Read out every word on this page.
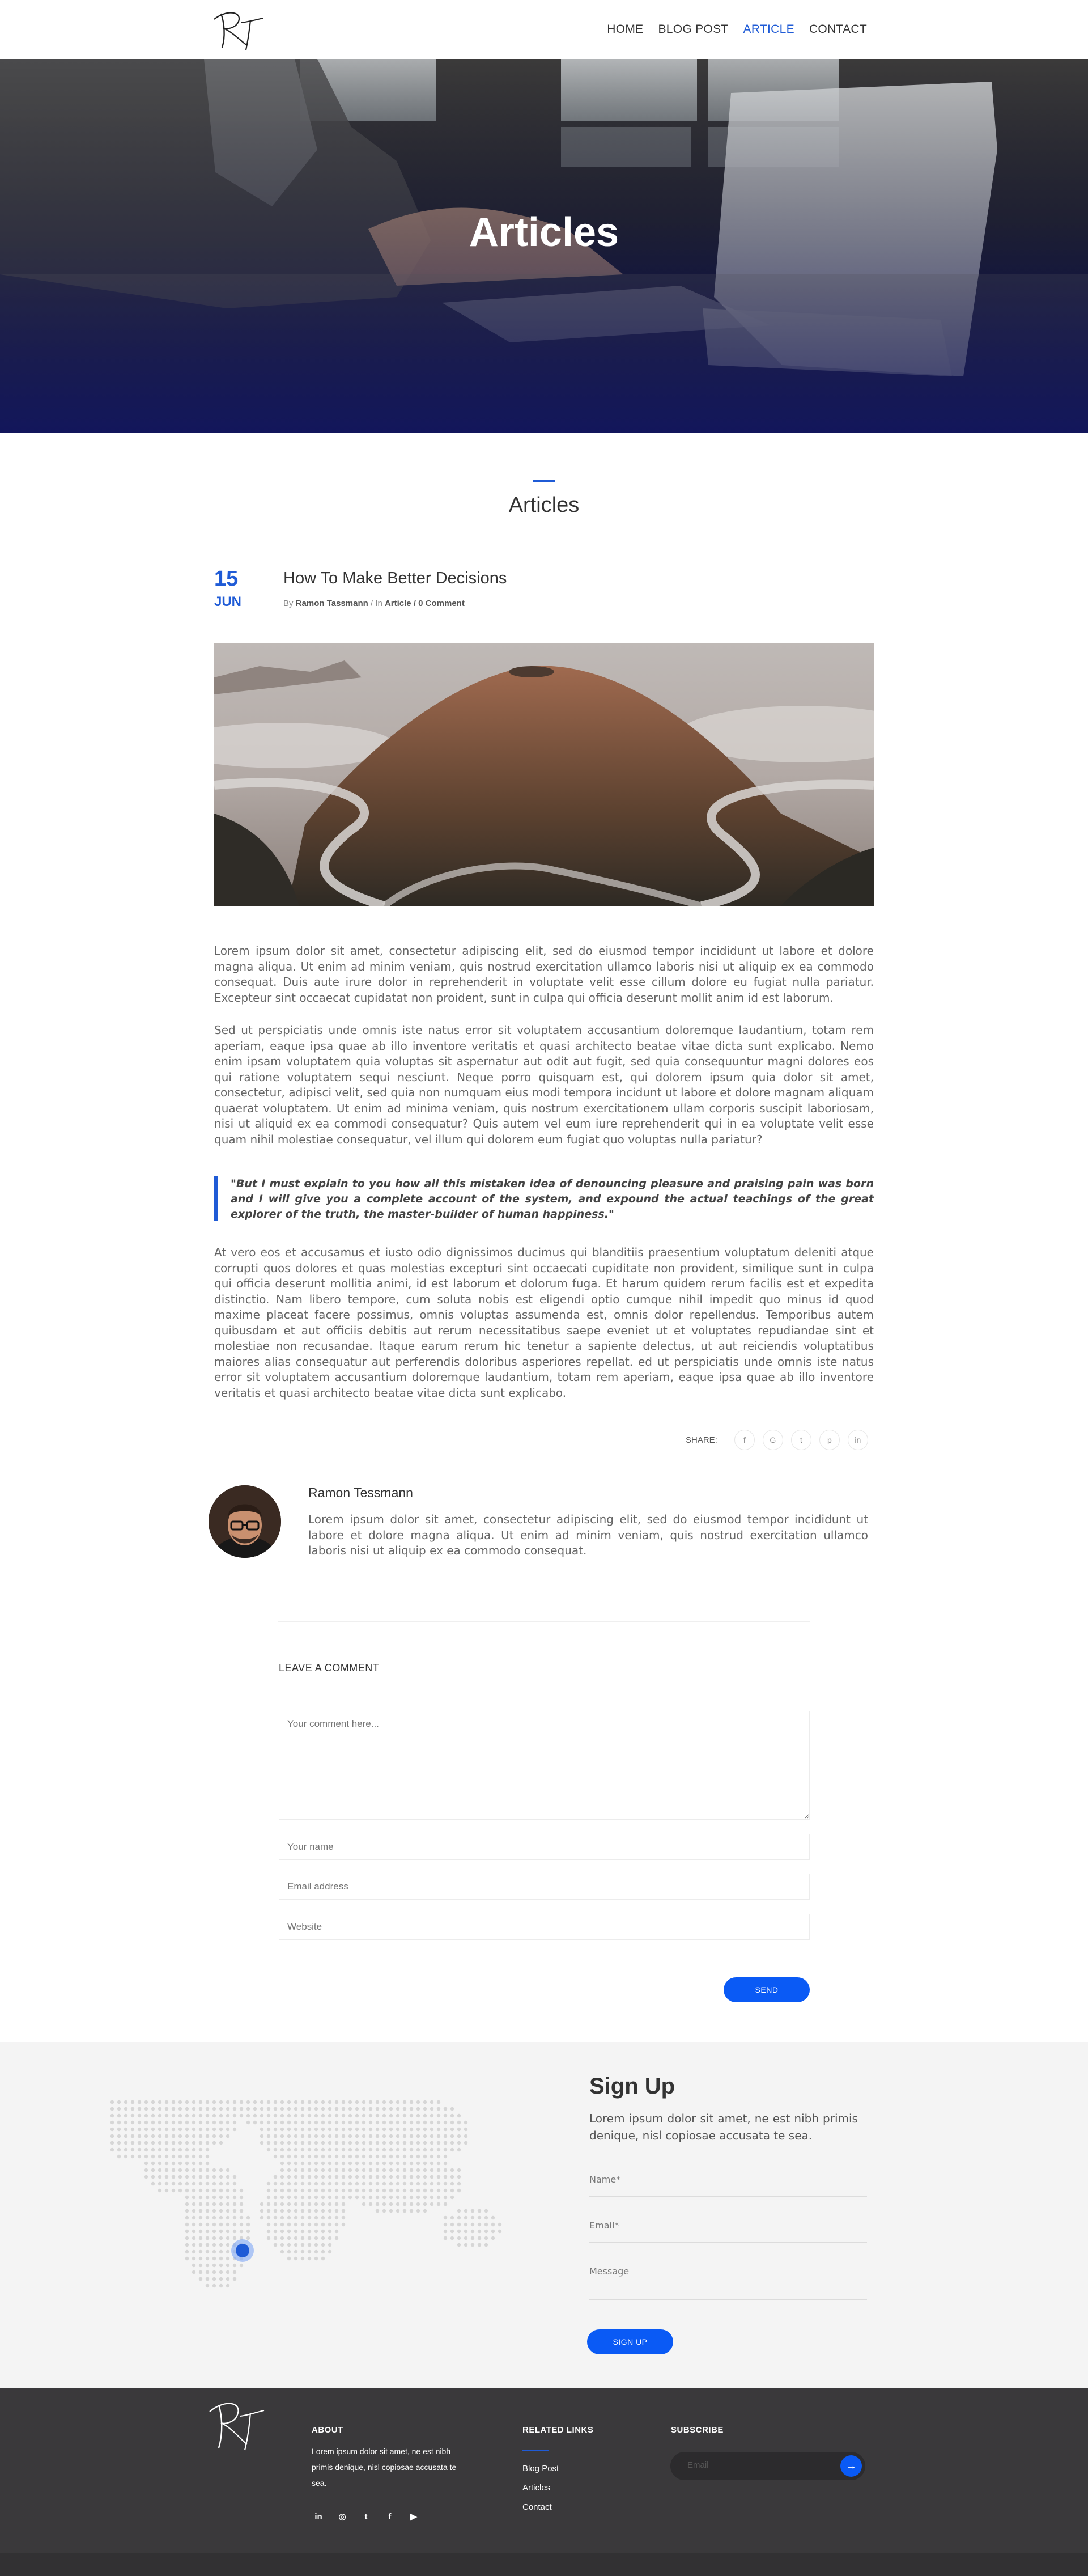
HOME BLOG POST ARTICLE CONTACT
Articles
Articles
15
JUN
How To Make Better Decisions
By Ramon Tassmann / In Article / 0 Comment

Lorem ipsum dolor sit amet, consectetur adipiscing elit, sed do eiusmod tempor incididunt ut labore et dolore magna aliqua. Ut enim ad minim veniam, quis nostrud exercitation ullamco laboris nisi ut aliquip ex ea commodo consequat. Duis aute irure dolor in reprehenderit in voluptate velit esse cillum dolore eu fugiat nulla pariatur. Excepteur sint occaecat cupidatat non proident, sunt in culpa qui officia deserunt mollit anim id est laborum.

Sed ut perspiciatis unde omnis iste natus error sit voluptatem accusantium doloremque laudantium, totam rem aperiam, eaque ipsa quae ab illo inventore veritatis et quasi architecto beatae vitae dicta sunt explicabo. Nemo enim ipsam voluptatem quia voluptas sit aspernatur aut odit aut fugit, sed quia consequuntur magni dolores eos qui ratione voluptatem sequi nesciunt. Neque porro quisquam est, qui dolorem ipsum quia dolor sit amet, consectetur, adipisci velit, sed quia non numquam eius modi tempora incidunt ut labore et dolore magnam aliquam quaerat voluptatem. Ut enim ad minima veniam, quis nostrum exercitationem ullam corporis suscipit laboriosam, nisi ut aliquid ex ea commodi consequatur? Quis autem vel eum iure reprehenderit qui in ea voluptate velit esse quam nihil molestiae consequatur, vel illum qui dolorem eum fugiat quo voluptas nulla pariatur?

"But I must explain to you how all this mistaken idea of denouncing pleasure and praising pain was born and I will give you a complete account of the system, and expound the actual teachings of the great explorer of the truth, the master-builder of human happiness."

At vero eos et accusamus et iusto odio dignissimos ducimus qui blanditiis praesentium voluptatum deleniti atque corrupti quos dolores et quas molestias excepturi sint occaecati cupiditate non provident, similique sunt in culpa qui officia deserunt mollitia animi, id est laborum et dolorum fuga. Et harum quidem rerum facilis est et expedita distinctio. Nam libero tempore, cum soluta nobis est eligendi optio cumque nihil impedit quo minus id quod maxime placeat facere possimus, omnis voluptas assumenda est, omnis dolor repellendus. Temporibus autem quibusdam et aut officiis debitis aut rerum necessitatibus saepe eveniet ut et voluptates repudiandae sint et molestiae non recusandae. Itaque earum rerum hic tenetur a sapiente delectus, ut aut reiciendis voluptatibus maiores alias consequatur aut perferendis doloribus asperiores repellat. ed ut perspiciatis unde omnis iste natus error sit voluptatem accusantium doloremque laudantium, totam rem aperiam, eaque ipsa quae ab illo inventore veritatis et quasi architecto beatae vitae dicta sunt explicabo.

SHARE:	f	G	t	p	in
Ramon Tessmann

Lorem ipsum dolor sit amet, consectetur adipiscing elit, sed do eiusmod tempor incididunt ut labore et dolore magna aliqua. Ut enim ad minim veniam, quis nostrud exercitation ullamco laboris nisi ut aliquip ex ea commodo consequat.

LEAVE A COMMENT
Your comment here...
Your name
Email address
Website
SEND
Sign Up

Lorem ipsum dolor sit amet, ne est nibh primis denique, nisl copiosae accusata te sea.

Name*
Email*
Message
SIGN UP
ABOUT

Lorem ipsum dolor sit amet, ne est nibh primis denique, nisl copiosae accusata te sea.

in ◎	t	f	▶
RELATED LINKS
Blog Post
Articles
Contact
SUBSCRIBE
Email	→
